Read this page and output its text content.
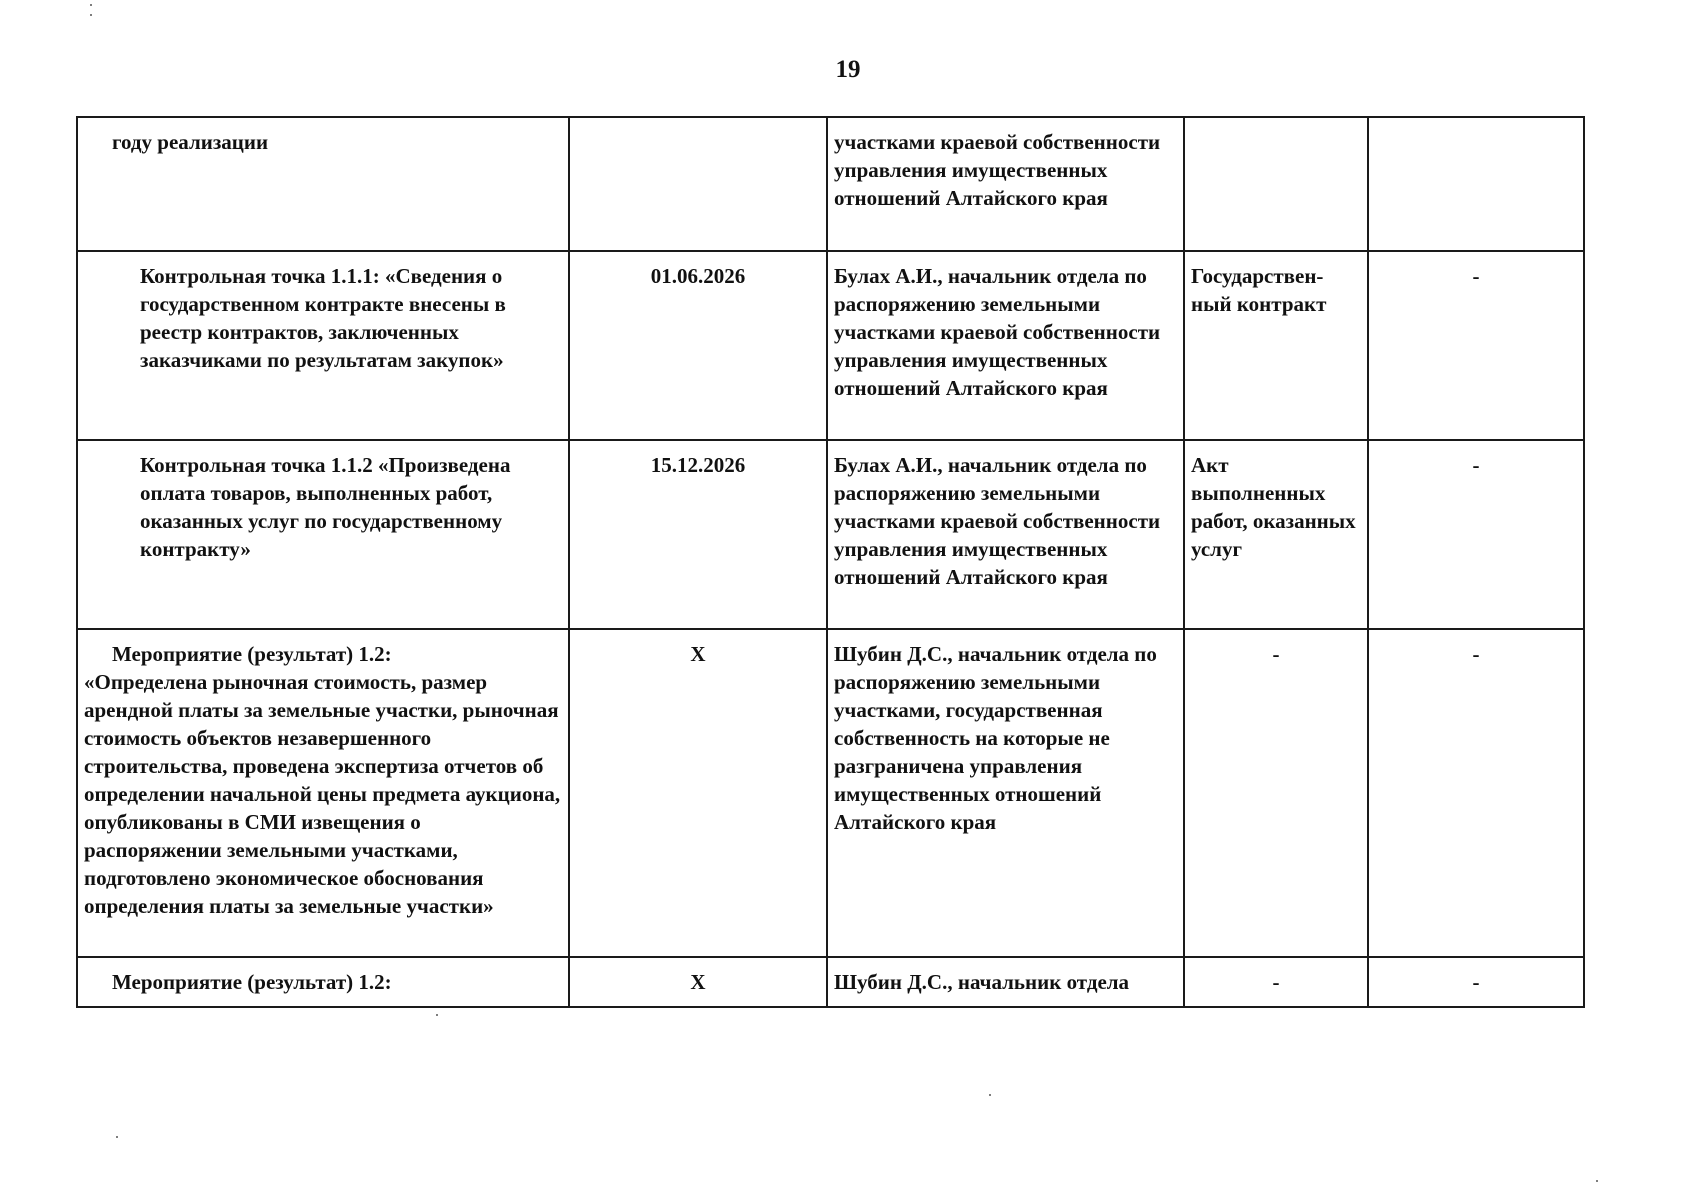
19
году реализации		участками краевой собственности управления имущественных отношений Алтайского края		
Контрольная точка 1.1.1: «Сведения о государственном контракте внесены в реестр контрактов, заключенных заказчиками по результатам закупок»	01.06.2026	Булах А.И., начальник отдела по распоряжению земельными участками краевой собственности управления имущественных отношений Алтайского края	Государствен-ный контракт	-
Контрольная точка 1.1.2 «Произведена оплата товаров, выполненных работ, оказанных услуг по государственному контракту»	15.12.2026	Булах А.И., начальник отдела по распоряжению земельными участками краевой собственности управления имущественных отношений Алтайского края	Акт выполненных работ, оказанных услуг	-

Мероприятие (результат) 1.2:
«Определена рыночная стоимость, размер арендной платы за земельные участки, рыночная стоимость объектов незавершенного строительства, проведена экспертиза отчетов об определении начальной цены предмета аукциона, опубликованы в СМИ извещения о распоряжении земельными участками, подготовлено экономическое обоснования определения платы за земельные участки»	X	Шубин Д.С., начальник отдела по распоряжению земельными участками, государственная собственность на которые не разграничена управления имущественных отношений Алтайского края	-	-
Мероприятие (результат) 1.2:	X	Шубин Д.С., начальник отдела	-	-
